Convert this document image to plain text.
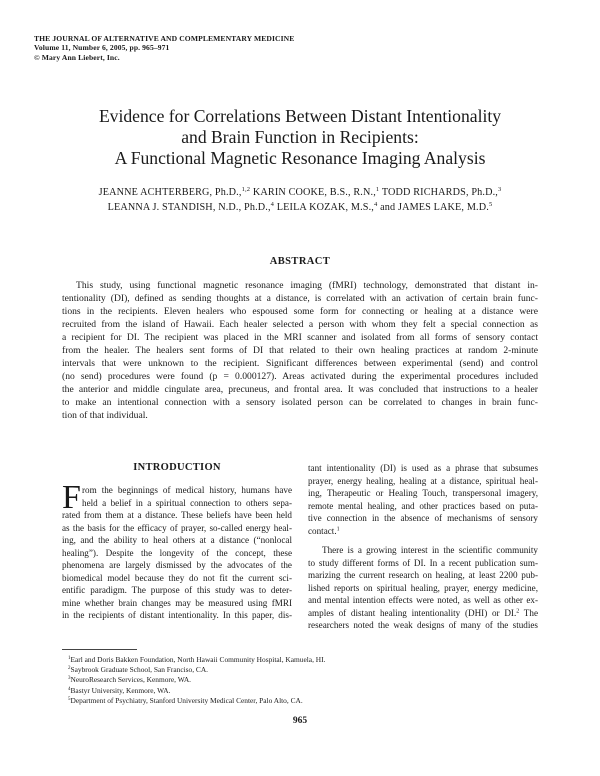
THE JOURNAL OF ALTERNATIVE AND COMPLEMENTARY MEDICINE
Volume 11, Number 6, 2005, pp. 965–971
© Mary Ann Liebert, Inc.
Evidence for Correlations Between Distant Intentionality
and Brain Function in Recipients:
A Functional Magnetic Resonance Imaging Analysis
JEANNE ACHTERBERG, Ph.D.,$^{1,2}$ KARIN COOKE, B.S., R.N.,$^1$ TODD RICHARDS, Ph.D.,$^3$
LEANNA J. STANDISH, N.D., Ph.D.,$^4$ LEILA KOZAK, M.S.,$^4$ and JAMES LAKE, M.D.$^5$
ABSTRACT
This study, using functional magnetic resonance imaging (fMRI) technology, demonstrated that distant in-
tentionality (DI), defined as sending thoughts at a distance, is correlated with an activation of certain brain func-
tions in the recipients. Eleven healers who espoused some form for connecting or healing at a distance were
recruited from the island of Hawaii. Each healer selected a person with whom they felt a special connection as
a recipient for DI. The recipient was placed in the MRI scanner and isolated from all forms of sensory contact
from the healer. The healers sent forms of DI that related to their own healing practices at random 2-minute
intervals that were unknown to the recipient. Significant differences between experimental (send) and control
(no send) procedures were found (p = 0.000127). Areas activated during the experimental procedures included
the anterior and middle cingulate area, precuneus, and frontal area. It was concluded that instructions to a healer
to make an intentional connection with a sensory isolated person can be correlated to changes in brain func-
tion of that individual.
INTRODUCTION
F rom the beginnings of medical history, humans have
held a belief in a spiritual connection to others sepa-
rated from them at a distance. These beliefs have been held
as the basis for the efficacy of prayer, so-called energy heal-
ing, and the ability to heal others at a distance (“nonlocal
healing”). Despite the longevity of the concept, these
phenomena are largely dismissed by the advocates of the
biomedical model because they do not fit the current sci-
entific paradigm. The purpose of this study was to deter-
mine whether brain changes may be measured using fMRI
in the recipients of distant intentionality. In this paper, dis-
tant intentionality (DI) is used as a phrase that subsumes
prayer, energy healing, healing at a distance, spiritual heal-
ing, Therapeutic or Healing Touch, transpersonal imagery,
remote mental healing, and other practices based on puta-
tive connection in the absence of mechanisms of sensory
contact.$^1$
There is a growing interest in the scientific community
to study different forms of DI. In a recent publication sum-
marizing the current research on healing, at least 2200 pub-
lished reports on spiritual healing, prayer, energy medicine,
and mental intention effects were noted, as well as other ex-
amples of distant healing intentionality (DHI) or DI.$^2$ The
researchers noted the weak designs of many of the studies
$^1$Earl and Doris Bakken Foundation, North Hawaii Community Hospital, Kamuela, HI.
$^2$Saybrook Graduate School, San Franciso, CA.
$^3$NeuroResearch Services, Kenmore, WA.
$^4$Bastyr University, Kenmore, WA.
$^5$Department of Psychiatry, Stanford University Medical Center, Palo Alto, CA.
965
